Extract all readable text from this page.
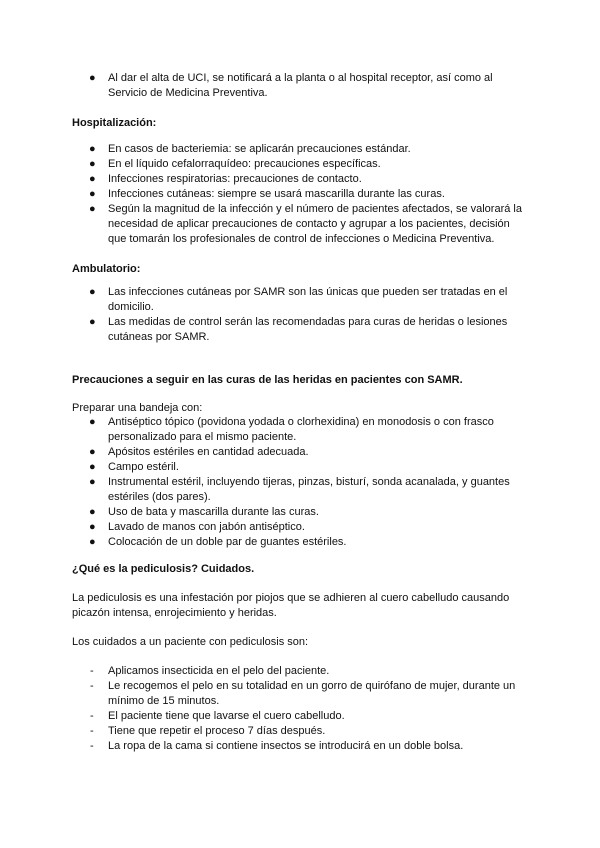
●	Al dar el alta de UCI, se notificará a la planta o al hospital receptor, así como al Servicio de Medicina Preventiva.

Hospitalización:

●	En casos de bacteriemia: se aplicarán precauciones estándar.
●	En el líquido cefalorraquídeo: precauciones específicas.
●	Infecciones respiratorias: precauciones de contacto.
●	Infecciones cutáneas: siempre se usará mascarilla durante las curas.
●	Según la magnitud de la infección y el número de pacientes afectados, se valorará la necesidad de aplicar precauciones de contacto y agrupar a los pacientes, decisión que tomarán los profesionales de control de infecciones o Medicina Preventiva.

Ambulatorio:

●	Las infecciones cutáneas por SAMR son las únicas que pueden ser tratadas en el domicilio.
●	Las medidas de control serán las recomendadas para curas de heridas o lesiones cutáneas por SAMR.

Precauciones a seguir en las curas de las heridas en pacientes con SAMR.

Preparar una bandeja con:

●	Antiséptico tópico (povidona yodada o clorhexidina) en monodosis o con frasco personalizado para el mismo paciente.
●	Apósitos estériles en cantidad adecuada.
●	Campo estéril.
●	Instrumental estéril, incluyendo tijeras, pinzas, bisturí, sonda acanalada, y guantes estériles (dos pares).
●	Uso de bata y mascarilla durante las curas.
●	Lavado de manos con jabón antiséptico.
●	Colocación de un doble par de guantes estériles.

¿Qué es la pediculosis? Cuidados.

La pediculosis es una infestación por piojos que se adhieren al cuero cabelludo causando picazón intensa, enrojecimiento y heridas.

Los cuidados a un paciente con pediculosis son:

-	Aplicamos insecticida en el pelo del paciente.
-	Le recogemos el pelo en su totalidad en un gorro de quirófano de mujer, durante un mínimo de 15 minutos.
-	El paciente tiene que lavarse el cuero cabelludo.
-	Tiene que repetir el proceso 7 días después.
-	La ropa de la cama si contiene insectos se introducirá en un doble bolsa.
